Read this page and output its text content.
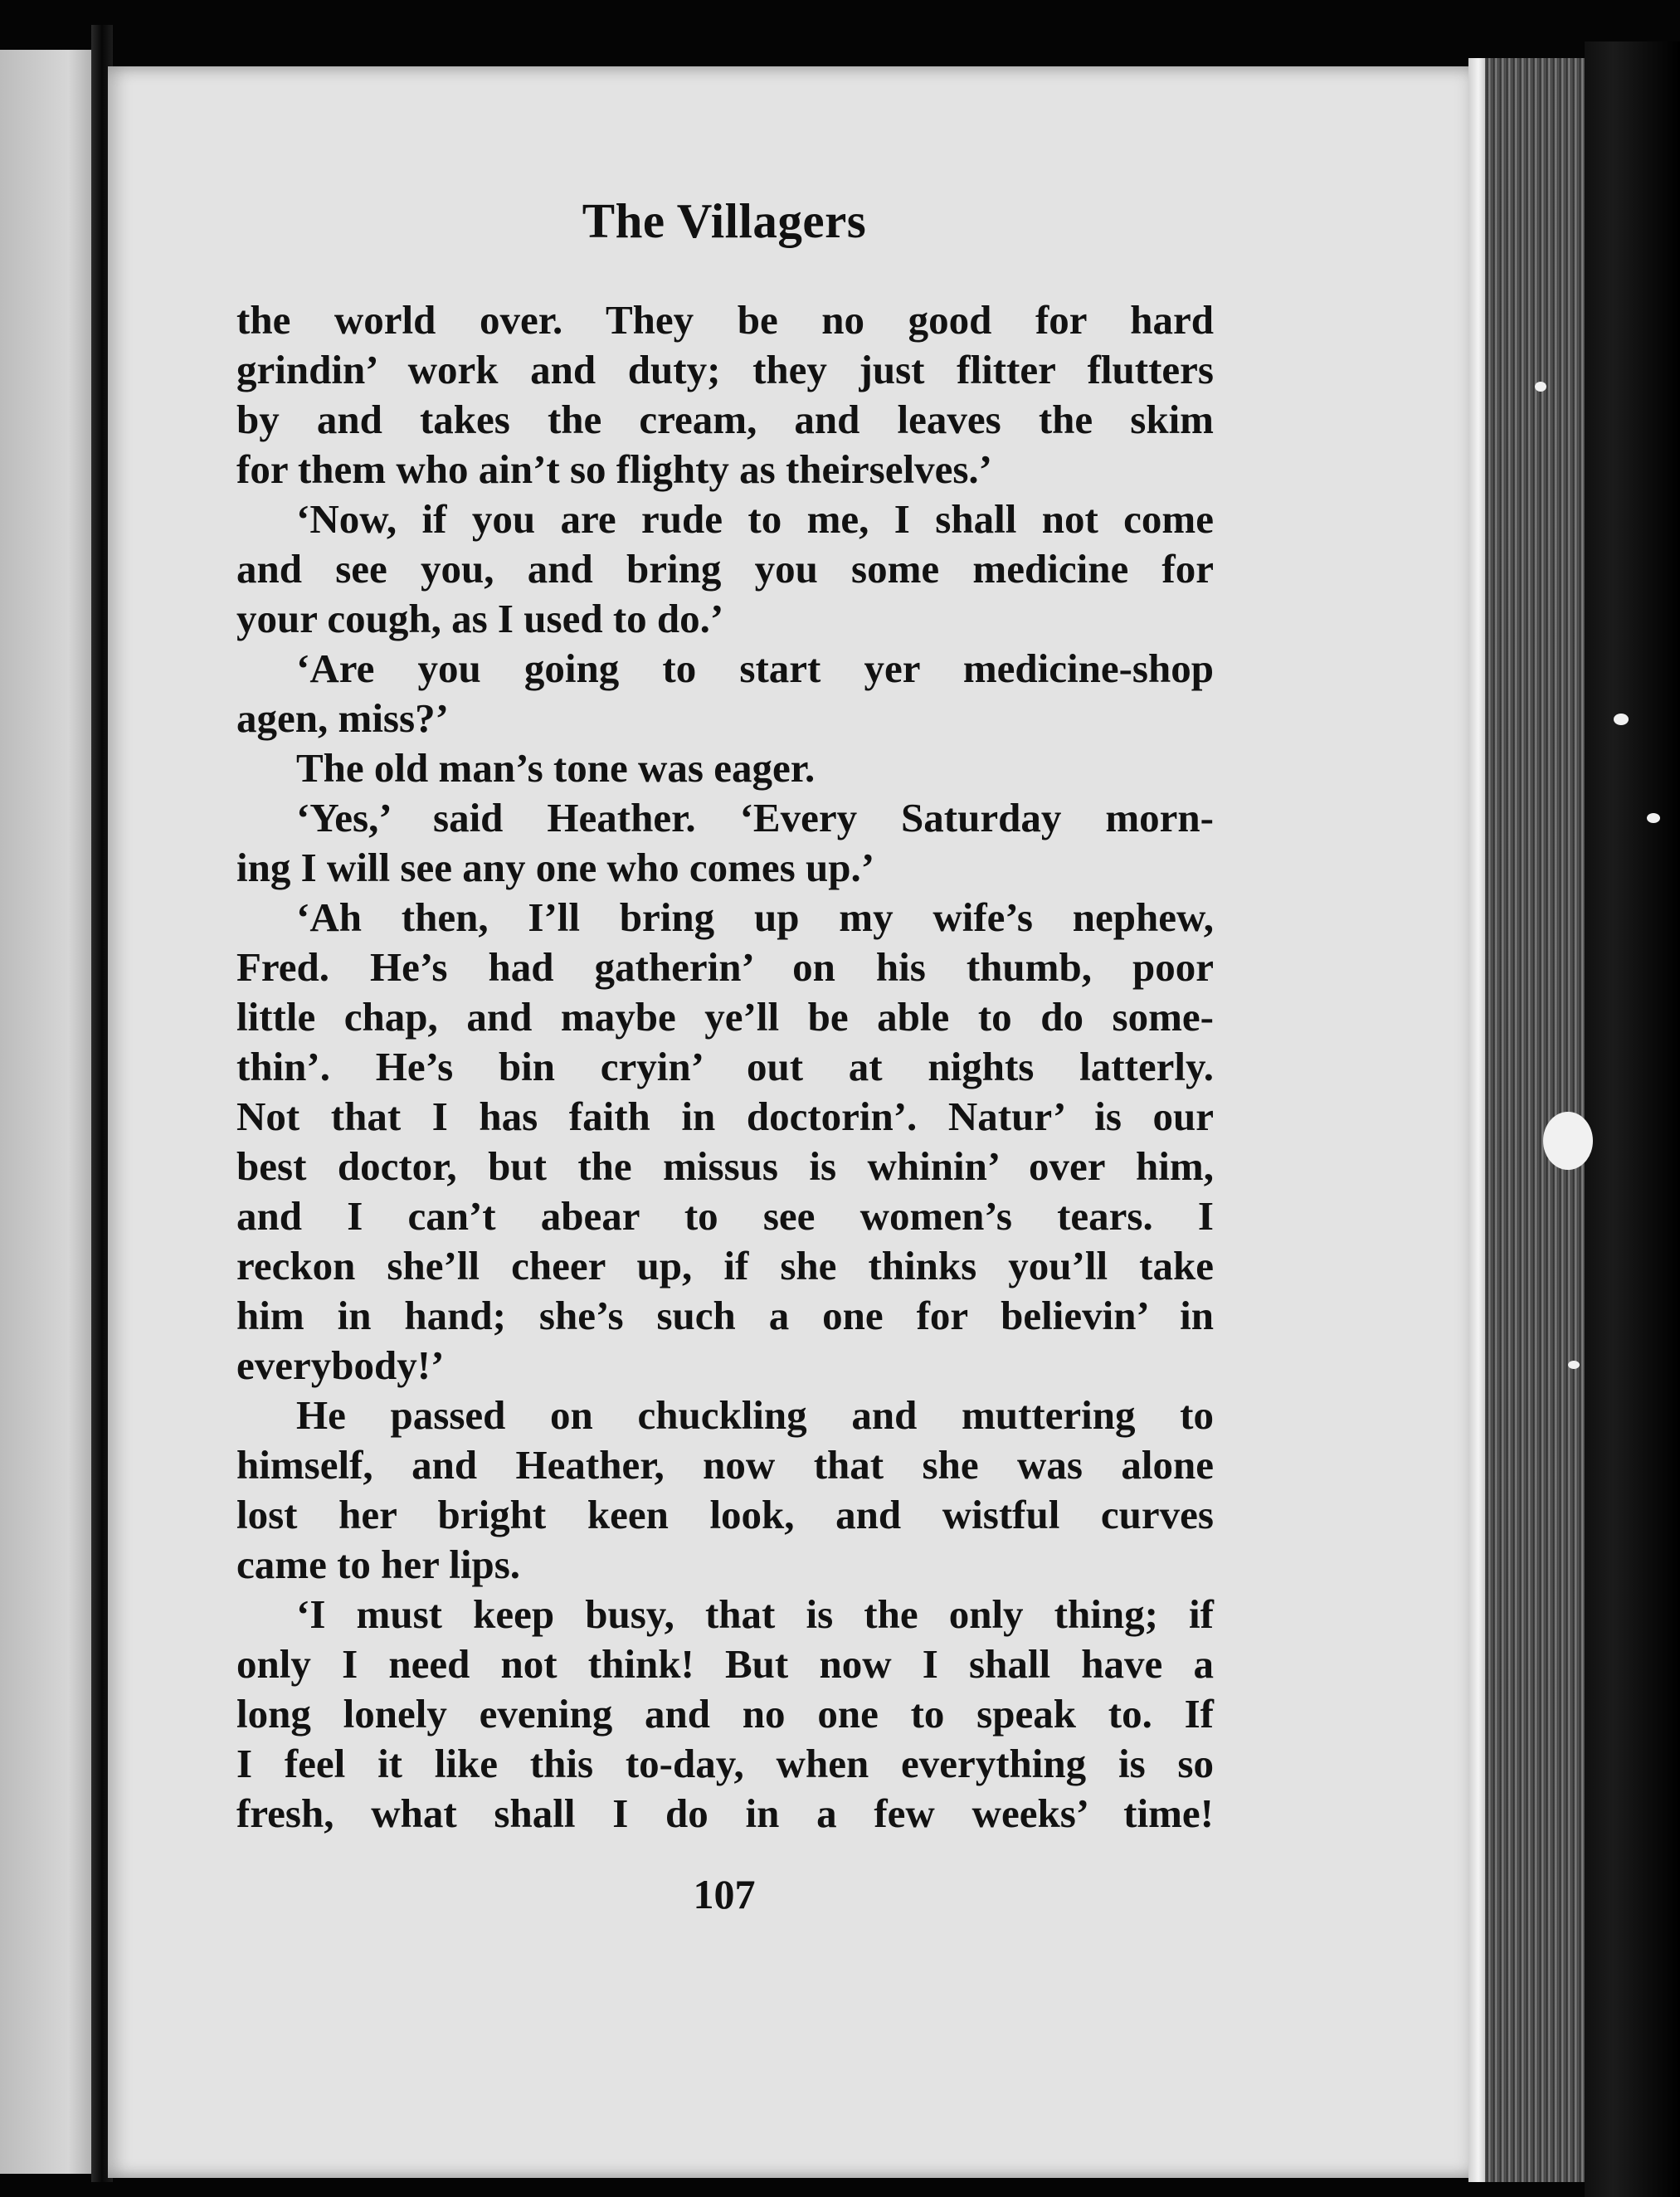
The Villagers
the world over. They be no good for hard
grindin’ work and duty; they just flitter flutters
by and takes the cream, and leaves the skim
for them who ain’t so flighty as theirselves.’
‘Now, if you are rude to me, I shall not come
and see you, and bring you some medicine for
your cough, as I used to do.’
‘Are you going to start yer medicine-shop
agen, miss?’
The old man’s tone was eager.
‘Yes,’ said Heather. ‘Every Saturday morn-
ing I will see any one who comes up.’
‘Ah then, I’ll bring up my wife’s nephew,
Fred. He’s had gatherin’ on his thumb, poor
little chap, and maybe ye’ll be able to do some-
thin’. He’s bin cryin’ out at nights latterly.
Not that I has faith in doctorin’. Natur’ is our
best doctor, but the missus is whinin’ over him,
and I can’t abear to see women’s tears. I
reckon she’ll cheer up, if she thinks you’ll take
him in hand; she’s such a one for believin’ in
everybody!’
He passed on chuckling and muttering to
himself, and Heather, now that she was alone
lost her bright keen look, and wistful curves
came to her lips.
‘I must keep busy, that is the only thing; if
only I need not think! But now I shall have a
long lonely evening and no one to speak to. If
I feel it like this to-day, when everything is so
fresh, what shall I do in a few weeks’ time!
107
